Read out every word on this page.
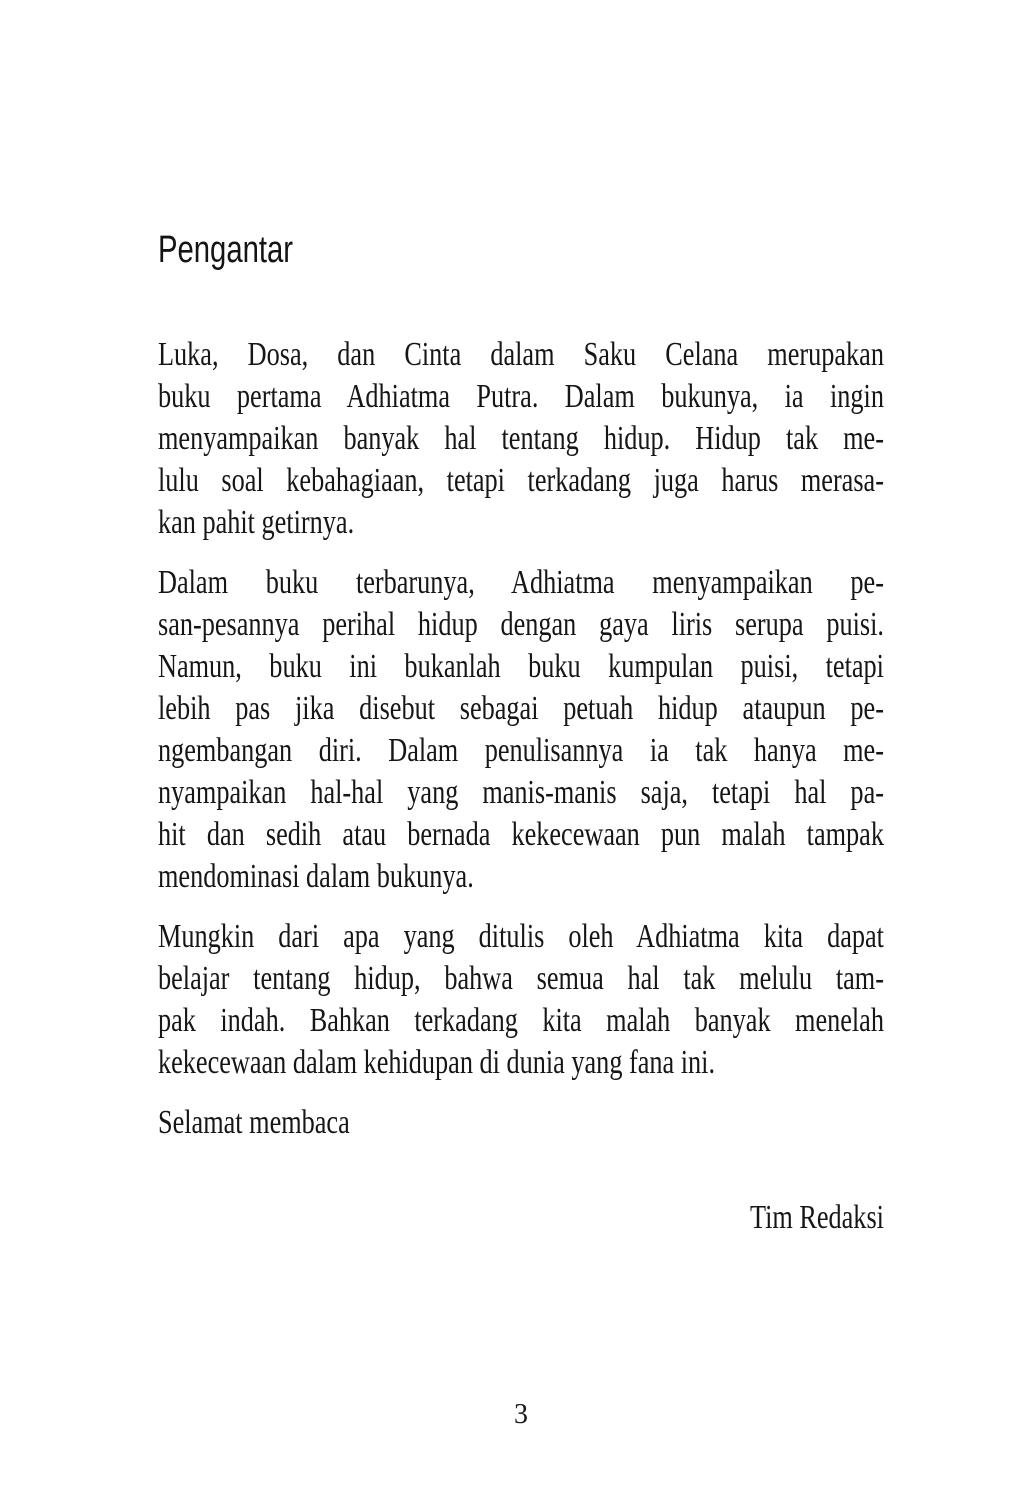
Pengantar
Luka, Dosa, dan Cinta dalam Saku Celana merupakan
buku pertama Adhiatma Putra. Dalam bukunya, ia ingin
menyampaikan banyak hal tentang hidup. Hidup tak me-
lulu soal kebahagiaan, tetapi terkadang juga harus merasa-
kan pahit getirnya.
Dalam buku terbarunya, Adhiatma menyampaikan pe-
san-pesannya perihal hidup dengan gaya liris serupa puisi.
Namun, buku ini bukanlah buku kumpulan puisi, tetapi
lebih pas jika disebut sebagai petuah hidup ataupun pe-
ngembangan diri. Dalam penulisannya ia tak hanya me-
nyampaikan hal-hal yang manis-manis saja, tetapi hal pa-
hit dan sedih atau bernada kekecewaan pun malah tampak
mendominasi dalam bukunya.
Mungkin dari apa yang ditulis oleh Adhiatma kita dapat
belajar tentang hidup, bahwa semua hal tak melulu tam-
pak indah. Bahkan terkadang kita malah banyak menelah
kekecewaan dalam kehidupan di dunia yang fana ini.
Selamat membaca
Tim Redaksi
3
